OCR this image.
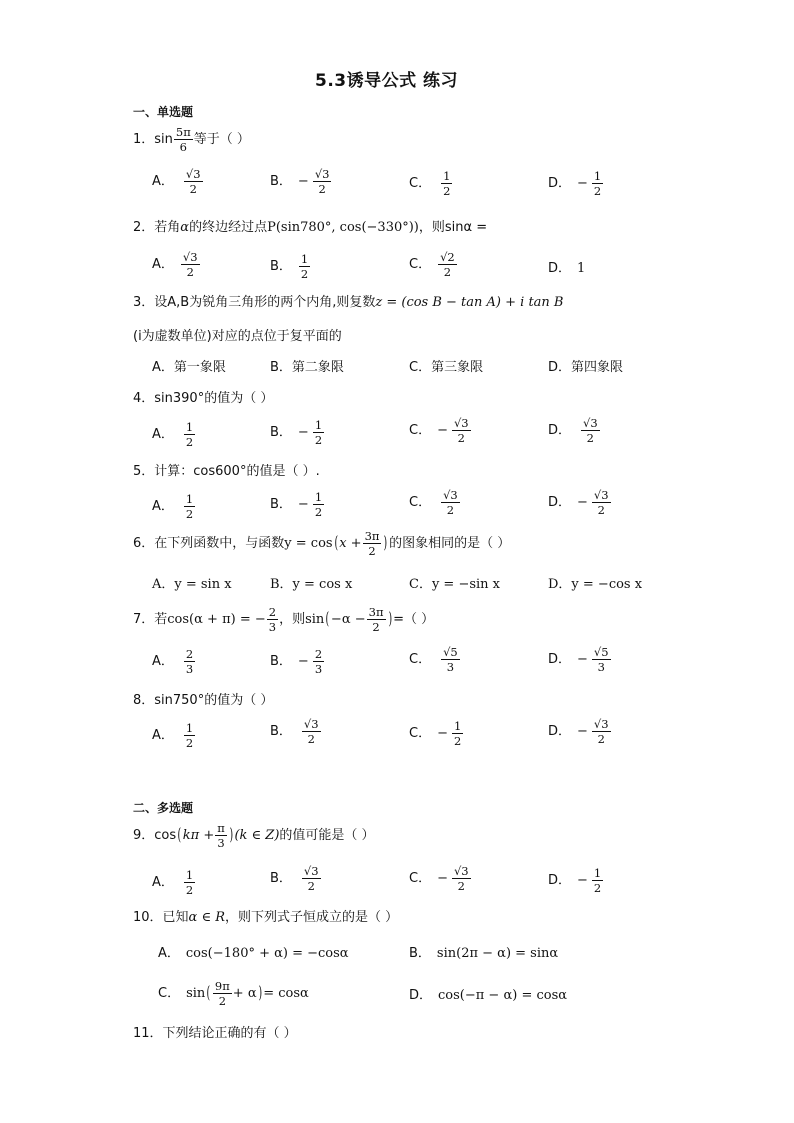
5.3诱导公式 练习
一、单选题
1．$\sin \frac{5\pi}{6}$ 等于（ ）
A． $\frac{√3}{2}$	B． − $\frac{√3}{2}$	C． $\frac{1}{2}$	D． − $\frac{1}{2}$
2．若角α的终边经过点P(sin780°, cos(−330°))，则sinα =
A． $\frac{√3}{2}$	B． $\frac{1}{2}$	C． $\frac{√2}{2}$	D． 1
3．设A,B为锐角三角形的两个内角,则复数z = (cos B − tan A) + i tan B
(i为虚数单位)对应的点位于复平面的
A．第一象限	B．第二象限	C．第三象限	D．第四象限
4．sin390°的值为（ ）
A． $\frac{1}{2}$	B． − $\frac{1}{2}$	C． − $\frac{√3}{2}$	D． $\frac{√3}{2}$
5．计算：cos600°的值是（ ）.
A． $\frac{1}{2}$	B． − $\frac{1}{2}$	C． $\frac{√3}{2}$	D． − $\frac{√3}{2}$
6．在下列函数中，与函数 y = cos ( $x + \frac{3\pi}{2}$ ) 的图象相同的是（ ）
A．y = sin x	B．y = cos x	C．y = −sin x	D．y = −cos x
7．若 cos(α + π) = − $\frac{2}{3}$ ，则 sin ( $-\alpha - \frac{3\pi}{2}$ ) =（ ）
A． $\frac{2}{3}$	B． − $\frac{2}{3}$	C． $\frac{√5}{3}$	D． − $\frac{√5}{3}$
8．sin750°的值为（ ）
A． $\frac{1}{2}$	B． $\frac{√3}{2}$	C． − $\frac{1}{2}$	D． − $\frac{√3}{2}$
二、多选题
9．cos ( $k\pi + \frac{\pi}{3}$ ) (k ∈ Z) 的值可能是（ ）
A． $\frac{1}{2}$	B． $\frac{√3}{2}$	C． − $\frac{√3}{2}$	D． − $\frac{1}{2}$
10．已知α ∈ R，则下列式子恒成立的是（ ）
A． cos(−180° + α) = −cosα	B． sin(2π − α) = sinα
C． sin ( $\frac{9\pi}{2} + \alpha$ ) = cosα	D． cos(−π − α) = cosα
11．下列结论正确的有（ ）
